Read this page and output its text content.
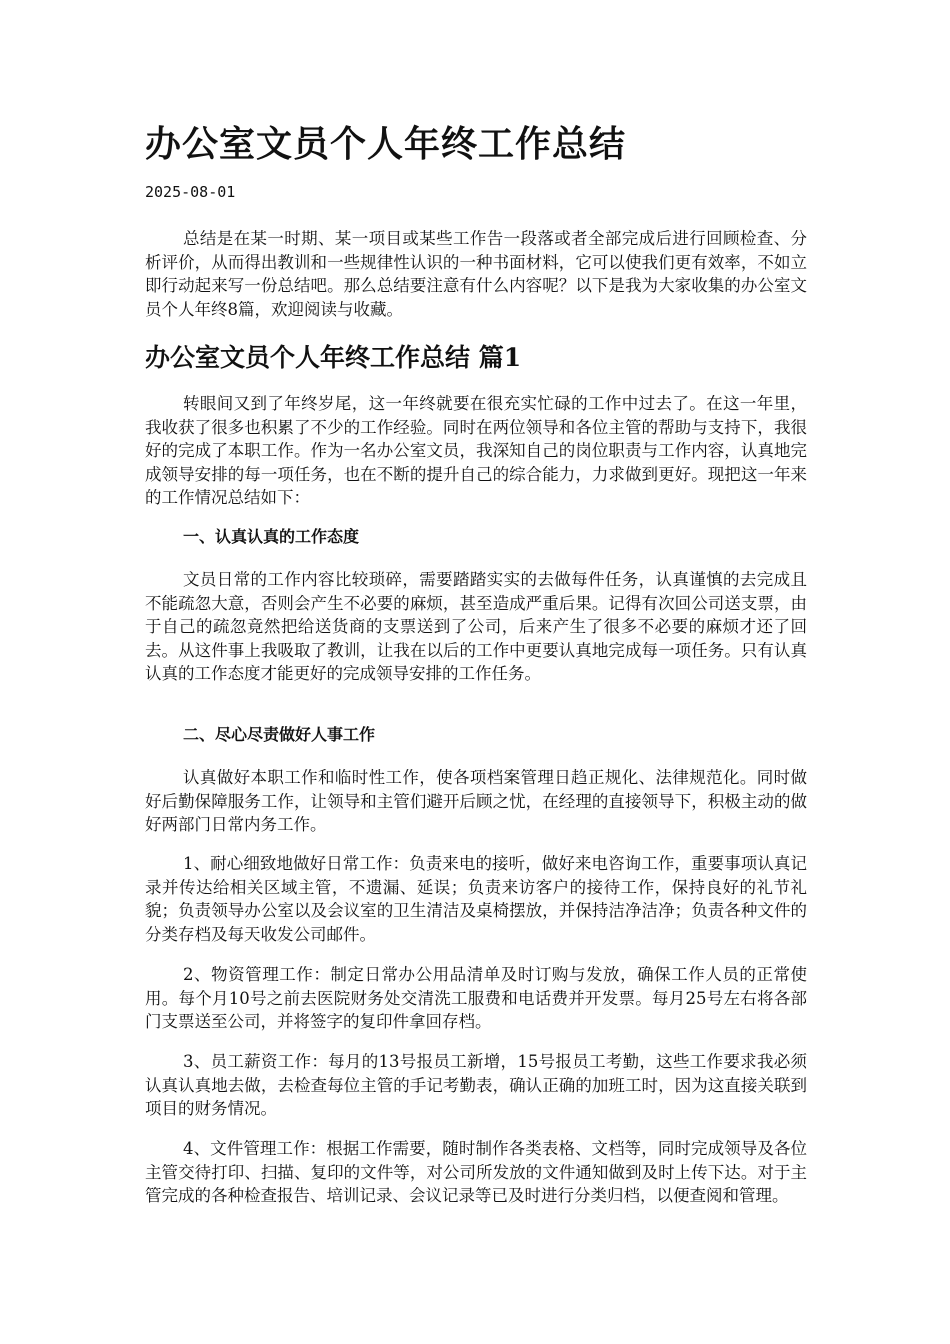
办公室文员个人年终工作总结
2025-08-01

总结是在某一时期、某一项目或某些工作告一段落或者全部完成后进行回顾检查、分析评价，从而得出教训和一些规律性认识的一种书面材料，它可以使我们更有效率，不如立即行动起来写一份总结吧。那么总结要注意有什么内容呢？以下是我为大家收集的办公室文员个人年终8篇，欢迎阅读与收藏。

办公室文员个人年终工作总结 篇1

转眼间又到了年终岁尾，这一年终就要在很充实忙碌的工作中过去了。在这一年里，我收获了很多也积累了不少的工作经验。同时在两位领导和各位主管的帮助与支持下，我很好的完成了本职工作。作为一名办公室文员，我深知自己的岗位职责与工作内容，认真地完成领导安排的每一项任务，也在不断的提升自己的综合能力，力求做到更好。现把这一年来的工作情况总结如下：

一、认真认真的工作态度

文员日常的工作内容比较琐碎，需要踏踏实实的去做每件任务，认真谨慎的去完成且不能疏忽大意，否则会产生不必要的麻烦，甚至造成严重后果。记得有次回公司送支票，由于自己的疏忽竟然把给送货商的支票送到了公司，后来产生了很多不必要的麻烦才还了回去。从这件事上我吸取了教训，让我在以后的工作中更要认真地完成每一项任务。只有认真认真的工作态度才能更好的完成领导安排的工作任务。

二、尽心尽责做好人事工作

认真做好本职工作和临时性工作，使各项档案管理日趋正规化、法律规范化。同时做好后勤保障服务工作，让领导和主管们避开后顾之忧，在经理的直接领导下，积极主动的做好两部门日常内务工作。

1、耐心细致地做好日常工作：负责来电的接听，做好来电咨询工作，重要事项认真记录并传达给相关区域主管，不遗漏、延误；负责来访客户的接待工作，保持良好的礼节礼貌；负责领导办公室以及会议室的卫生清洁及桌椅摆放，并保持洁净洁净；负责各种文件的分类存档及每天收发公司邮件。

2、物资管理工作：制定日常办公用品清单及时订购与发放，确保工作人员的正常使用。每个月10号之前去医院财务处交清洗工服费和电话费并开发票。每月25号左右将各部门支票送至公司，并将签字的复印件拿回存档。

3、员工薪资工作：每月的13号报员工新增，15号报员工考勤，这些工作要求我必须认真认真地去做，去检查每位主管的手记考勤表，确认正确的加班工时，因为这直接关联到项目的财务情况。

4、文件管理工作：根据工作需要，随时制作各类表格、文档等，同时完成领导及各位主管交待打印、扫描、复印的文件等，对公司所发放的文件通知做到及时上传下达。对于主管完成的各种检查报告、培训记录、会议记录等已及时进行分类归档，以便查阅和管理。
